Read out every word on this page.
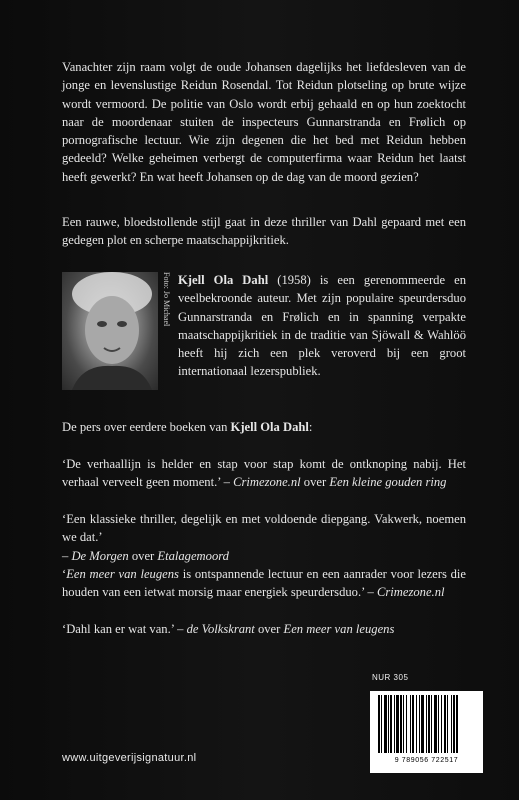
Vanachter zijn raam volgt de oude Johansen dagelijks het liefdesleven van de jonge en levenslustige Reidun Rosendal. Tot Reidun plotseling op brute wijze wordt vermoord. De politie van Oslo wordt erbij gehaald en op hun zoektocht naar de moordenaar stuiten de inspecteurs Gunnarstranda en Frølich op pornografische lectuur. Wie zijn degenen die het bed met Reidun hebben gedeeld? Welke geheimen verbergt de computerfirma waar Reidun het laatst heeft gewerkt? En wat heeft Johansen op de dag van de moord gezien?

Een rauwe, bloedstollende stijl gaat in deze thriller van Dahl gepaard met een gedegen plot en scherpe maatschappijkritiek.

Foto: Jo Michael Kjell Ola Dahl (1958) is een gerenommeerde en veelbekroonde auteur. Met zijn populaire speurdersduo Gunnarstranda en Frølich en in spanning verpakte maatschappijkritiek in de traditie van Sjöwall & Wahlöö heeft hij zich een plek veroverd bij een groot internationaal lezerspubliek.

De pers over eerdere boeken van Kjell Ola Dahl:

‘De verhaallijn is helder en stap voor stap komt de ontknoping nabij. Het verhaal verveelt geen moment.’ – Crimezone.nl over Een kleine gouden ring

‘Een klassieke thriller, degelijk en met voldoende diepgang. Vakwerk, noemen we dat.’
– De Morgen over Etalagemoord

‘Een meer van leugens is ontspannende lectuur en een aanrader voor lezers die houden van een ietwat morsig maar energiek speurdersduo.’ – Crimezone.nl

‘Dahl kan er wat van.’ – de Volkskrant over Een meer van leugens

NUR 305
9 789056 722517
www.uitgeverijsignatuur.nl
